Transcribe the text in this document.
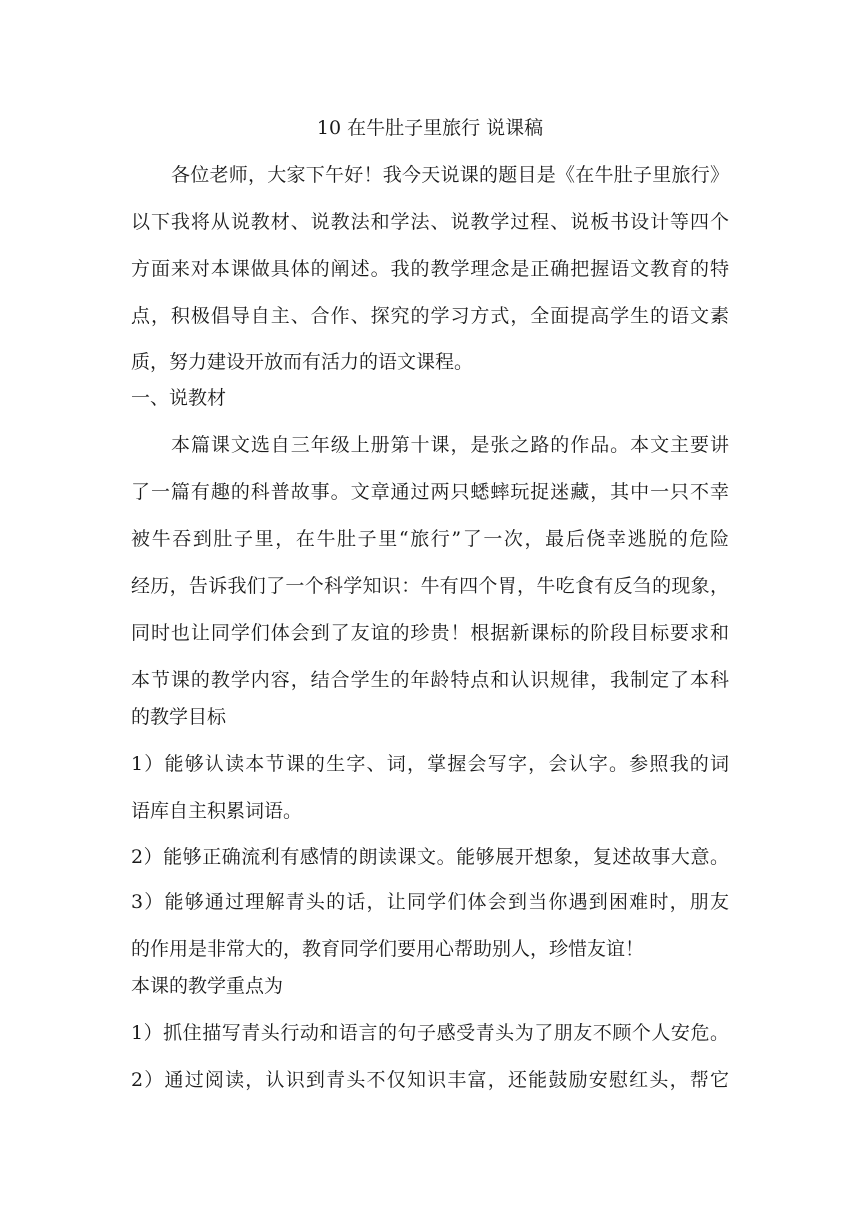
10 在牛肚子里旅行 说课稿
各位老师，大家下午好！我今天说课的题目是《在牛肚子里旅行》
以下我将从说教材、说教法和学法、说教学过程、说板书设计等四个
方面来对本课做具体的阐述。我的教学理念是正确把握语文教育的特
点，积极倡导自主、合作、探究的学习方式，全面提高学生的语文素
质，努力建设开放而有活力的语文课程。
一、说教材
本篇课文选自三年级上册第十课，是张之路的作品。本文主要讲
了一篇有趣的科普故事。文章通过两只蟋蟀玩捉迷藏，其中一只不幸
被牛吞到肚子里，在牛肚子里“旅行”了一次，最后侥幸逃脱的危险
经历，告诉我们了一个科学知识：牛有四个胃，牛吃食有反刍的现象，
同时也让同学们体会到了友谊的珍贵！根据新课标的阶段目标要求和
本节课的教学内容，结合学生的年龄特点和认识规律，我制定了本科
的教学目标
1）能够认读本节课的生字、词，掌握会写字，会认字。参照我的词
语库自主积累词语。
2）能够正确流利有感情的朗读课文。能够展开想象，复述故事大意。
3）能够通过理解青头的话，让同学们体会到当你遇到困难时，朋友
的作用是非常大的，教育同学们要用心帮助别人，珍惜友谊！
本课的教学重点为
1）抓住描写青头行动和语言的句子感受青头为了朋友不顾个人安危。
2）通过阅读，认识到青头不仅知识丰富，还能鼓励安慰红头，帮它
